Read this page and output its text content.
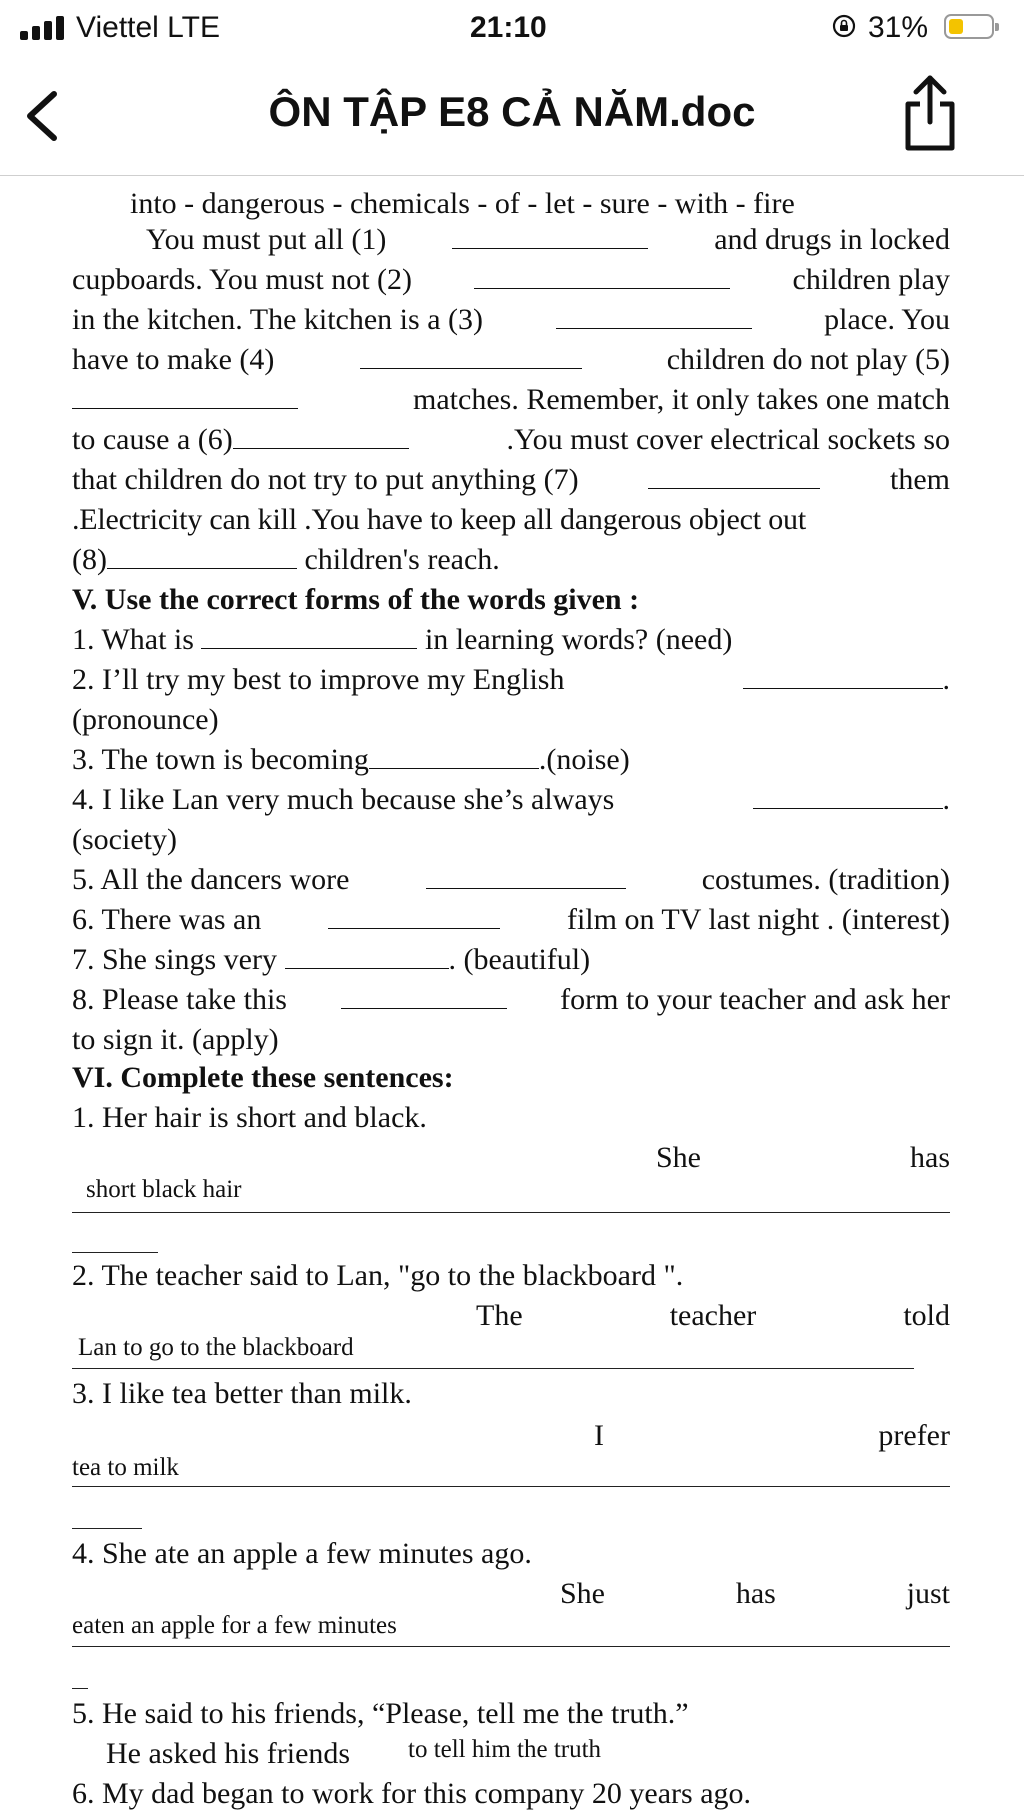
Viettel LTE	21:10	31%
ÔN TẬP E8 CẢ NĂM.doc
into - dangerous - chemicals - of - let - sure - with - fire
You must put all (1)	and drugs in locked
cupboards. You must not (2)	children play
in the kitchen. The kitchen is a (3)	place. You
have to make (4)	children do not play (5)
matches. Remember, it only takes one match
to cause a (6)	.You must cover electrical sockets so
that children do not try to put anything (7)	them
.Electricity can kill .You have to keep all dangerous object out
(8)	children's reach.
V. Use the correct forms of the words given :
1. What is	in learning words? (need)
2. I’ll try my best to improve my English	.
(pronounce)
3. The town is becoming	.(noise)
4. I like Lan very much because she’s always	.
(society)
5. All the dancers wore	costumes. (tradition)
6. There was an	film on TV last night . (interest)
7. She sings very	. (beautiful)
8. Please take this	form to your teacher and ask her
to sign it. (apply)
VI. Complete these sentences:
1. Her hair is short and black.
She	has
short black hair
2. The teacher said to Lan, "go to the blackboard ".
The	teacher	told
Lan to go to the blackboard
3. I like tea better than milk.
I	prefer
tea to milk
4. She ate an apple a few minutes ago.
She	has	just
eaten an apple for a few minutes
5. He said to his friends, “Please, tell me the truth.”
He asked his friends	to tell him the truth
6. My dad began to work for this company 20 years ago.
